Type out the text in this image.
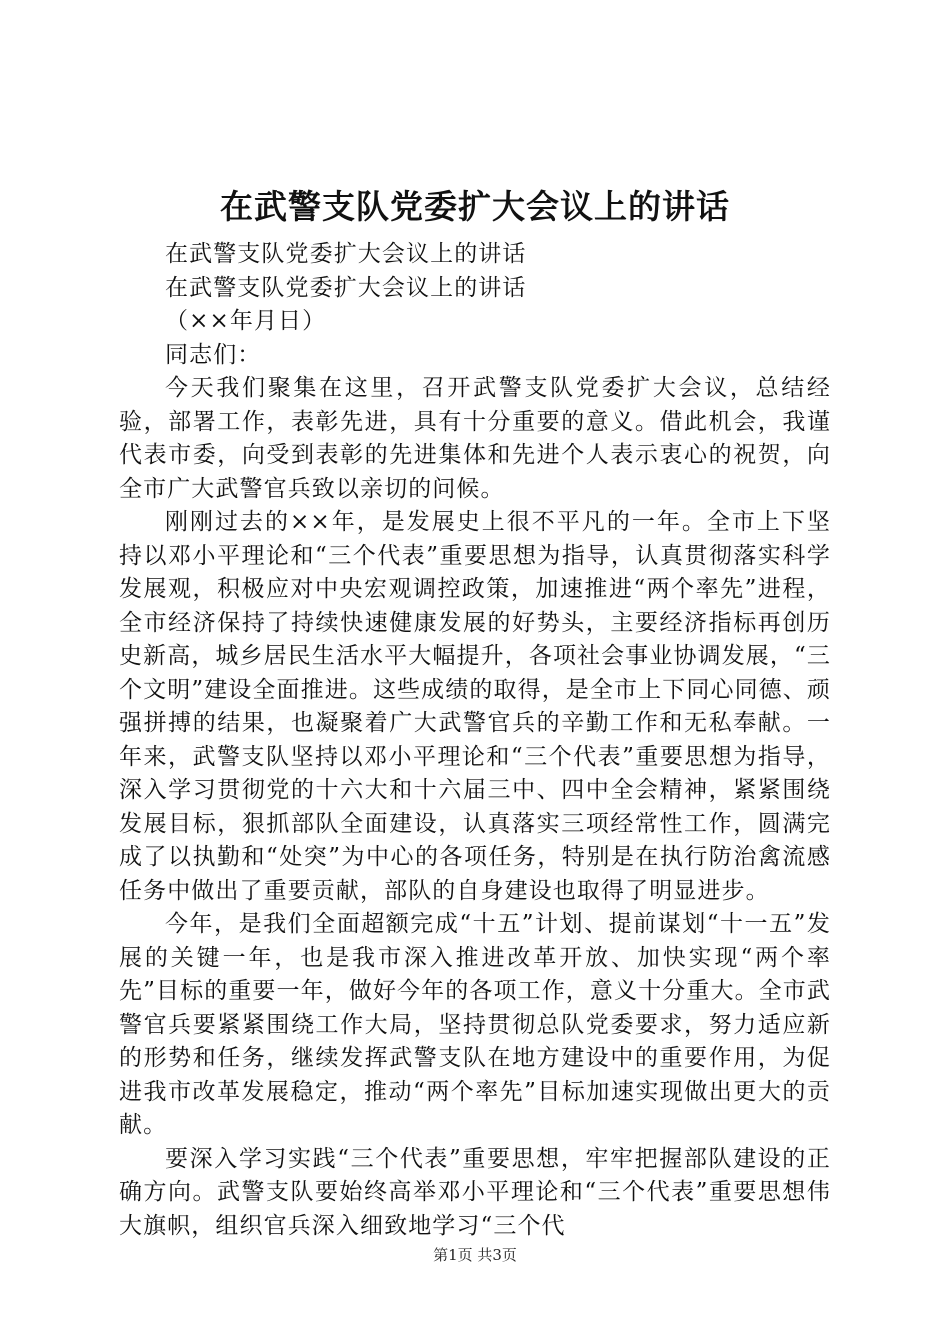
在武警支队党委扩大会议上的讲话

在武警支队党委扩大会议上的讲话

在武警支队党委扩大会议上的讲话

（××年月日）

同志们：

今天我们聚集在这里，召开武警支队党委扩大会议，总结经验，部署工作，表彰先进，具有十分重要的意义。借此机会，我谨代表市委，向受到表彰的先进集体和先进个人表示衷心的祝贺，向全市广大武警官兵致以亲切的问候。

刚刚过去的××年，是发展史上很不平凡的一年。全市上下坚持以邓小平理论和“三个代表”重要思想为指导，认真贯彻落实科学发展观，积极应对中央宏观调控政策，加速推进“两个率先”进程，全市经济保持了持续快速健康发展的好势头，主要经济指标再创历史新高，城乡居民生活水平大幅提升，各项社会事业协调发展，“三个文明”建设全面推进。这些成绩的取得，是全市上下同心同德、顽强拼搏的结果，也凝聚着广大武警官兵的辛勤工作和无私奉献。一年来，武警支队坚持以邓小平理论和“三个代表”重要思想为指导，深入学习贯彻党的十六大和十六届三中、四中全会精神，紧紧围绕发展目标，狠抓部队全面建设，认真落实三项经常性工作，圆满完成了以执勤和“处突”为中心的各项任务，特别是在执行防治禽流感任务中做出了重要贡献，部队的自身建设也取得了明显进步。

今年，是我们全面超额完成“十五”计划、提前谋划“十一五”发展的关键一年，也是我市深入推进改革开放、加快实现“两个率先”目标的重要一年，做好今年的各项工作，意义十分重大。全市武警官兵要紧紧围绕工作大局，坚持贯彻总队党委要求，努力适应新的形势和任务，继续发挥武警支队在地方建设中的重要作用，为促进我市改革发展稳定，推动“两个率先”目标加速实现做出更大的贡献。

要深入学习实践“三个代表”重要思想，牢牢把握部队建设的正确方向。武警支队要始终高举邓小平理论和“三个代表”重要思想伟大旗帜，组织官兵深入细致地学习“三个代

第1页 共3页
